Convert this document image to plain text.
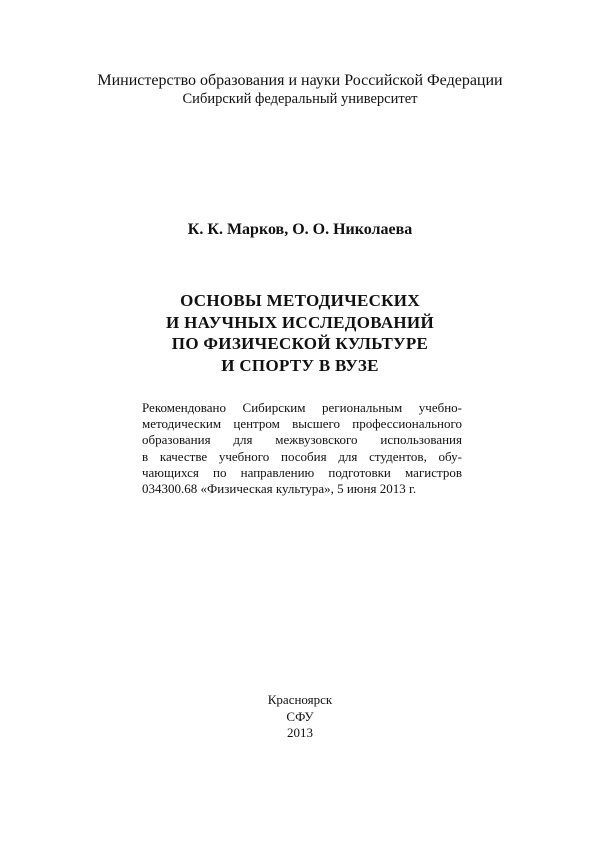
Министерство образования и науки Российской Федерации
Сибирский федеральный университет
К. К. Марков, О. О. Николаева
ОСНОВЫ МЕТОДИЧЕСКИХ
И НАУЧНЫХ ИССЛЕДОВАНИЙ
ПО ФИЗИЧЕСКОЙ КУЛЬТУРЕ
И СПОРТУ В ВУЗЕ
Рекомендовано Сибирским региональным учебно-
методическим центром высшего профессионального
образования для межвузовского использования
в качестве учебного пособия для студентов, обу-
чающихся по направлению подготовки магистров
034300.68 «Физическая культура», 5 июня 2013 г.
Красноярск
СФУ
2013
